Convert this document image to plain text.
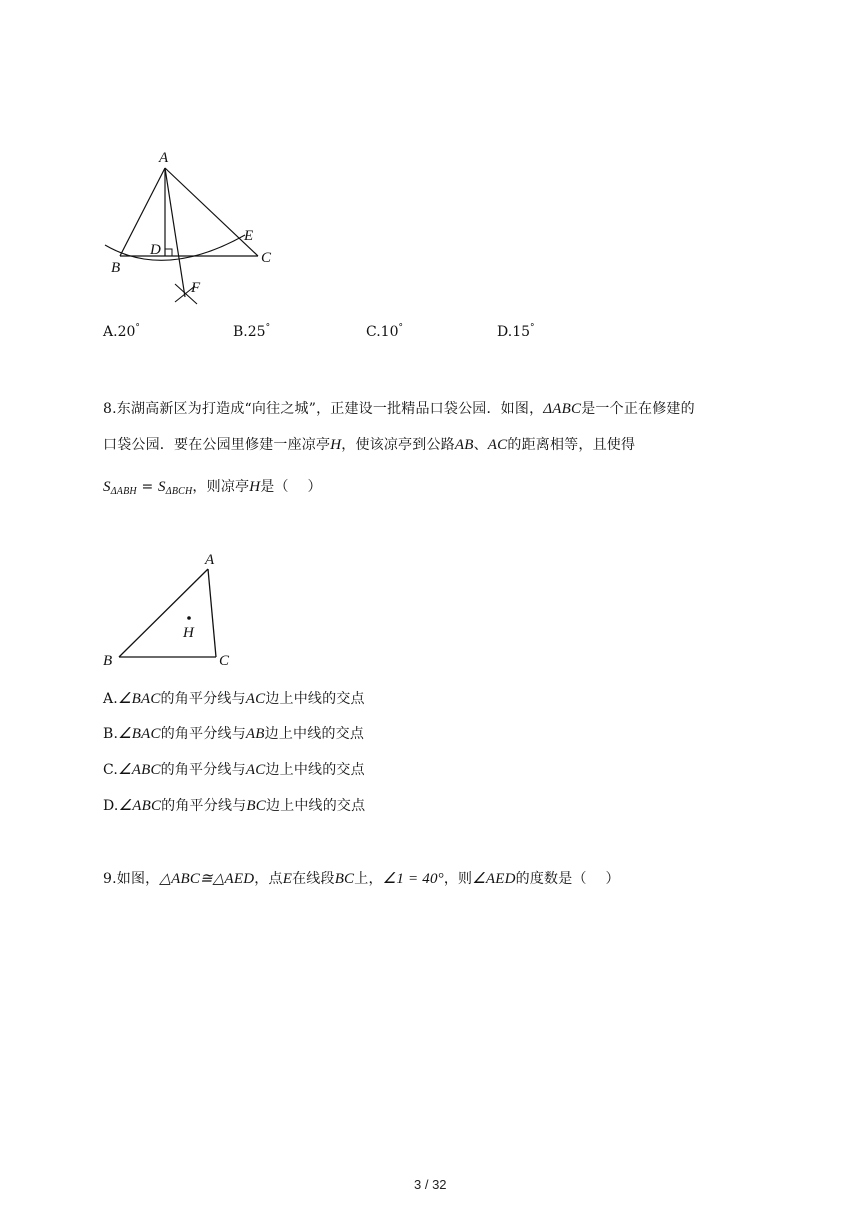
A
B
C
D
E
F
A.20°	B.25°	C.10°	D.15°
8.东湖高新区为打造成“向往之城”，正建设一批精品口袋公园．如图，ΔABC是一个正在修建的
口袋公园．要在公园里修建一座凉亭H，使该凉亭到公路AB、AC的距离相等，且使得
$S_{\Delta ABH} = S_{\Delta BCH}$，则凉亭H是（　 ）
A
B	C
H
A.∠BAC的角平分线与AC边上中线的交点
B.∠BAC的角平分线与AB边上中线的交点
C.∠ABC的角平分线与AC边上中线的交点
D.∠ABC的角平分线与BC边上中线的交点
9.如图，△ABC≅△AED，点E在线段BC上，∠1 = 40°，则∠AED的度数是（　 ）
3 / 32
